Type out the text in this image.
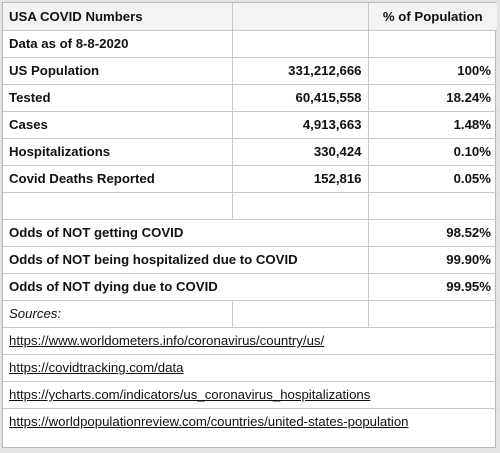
USA COVID Numbers		% of Population
Data as of 8-8-2020		
US Population	331,212,666	100%
Tested	60,415,558	18.24%
Cases	4,913,663	1.48%
Hospitalizations	330,424	0.10%
Covid Deaths Reported	152,816	0.05%

Odds of NOT getting COVID		98.52%
Odds of NOT being hospitalized due to COVID		99.90%
Odds of NOT dying due to COVID		99.95%
Sources:		
https://www.worldometers.info/coronavirus/country/us/		
https://covidtracking.com/data		
https://ycharts.com/indicators/us_coronavirus_hospitalizations		
https://worldpopulationreview.com/countries/united-states-population		
